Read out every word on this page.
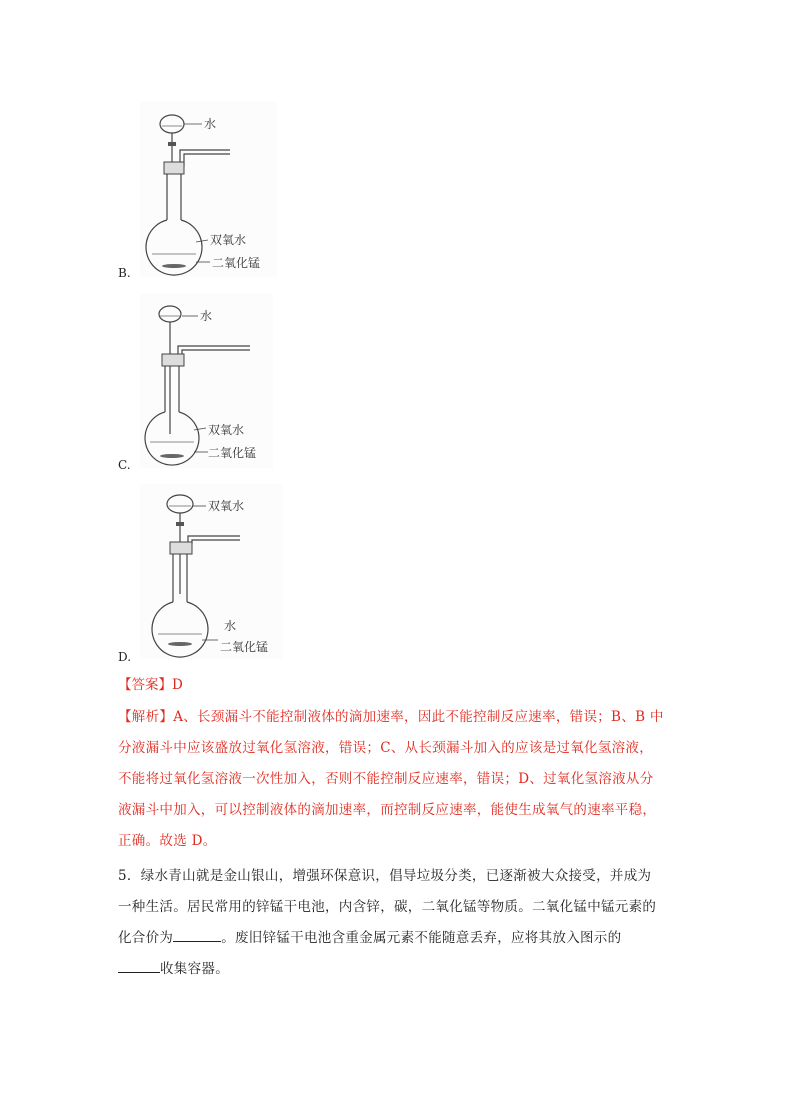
水
双氧水
二氧化锰
B.
水
双氧水
二氧化锰
C.
双氧水
水
二氧化锰
D.
【答案】D
【解析】A、长颈漏斗不能控制液体的滴加速率，因此不能控制反应速率，错误；B、B 中
分液漏斗中应该盛放过氧化氢溶液，错误；C、从长颈漏斗加入的应该是过氧化氢溶液，
不能将过氧化氢溶液一次性加入，否则不能控制反应速率，错误；D、过氧化氢溶液从分
液漏斗中加入，可以控制液体的滴加速率，而控制反应速率，能使生成氧气的速率平稳，
正确。故选 D。
5．绿水青山就是金山银山，增强环保意识，倡导垃圾分类，已逐渐被大众接受，并成为
一种生活。居民常用的锌锰干电池，内含锌，碳，二氧化锰等物质。二氧化锰中锰元素的
化合价为	。废旧锌锰干电池含重金属元素不能随意丢弃，应将其放入图示的
收集容器。
